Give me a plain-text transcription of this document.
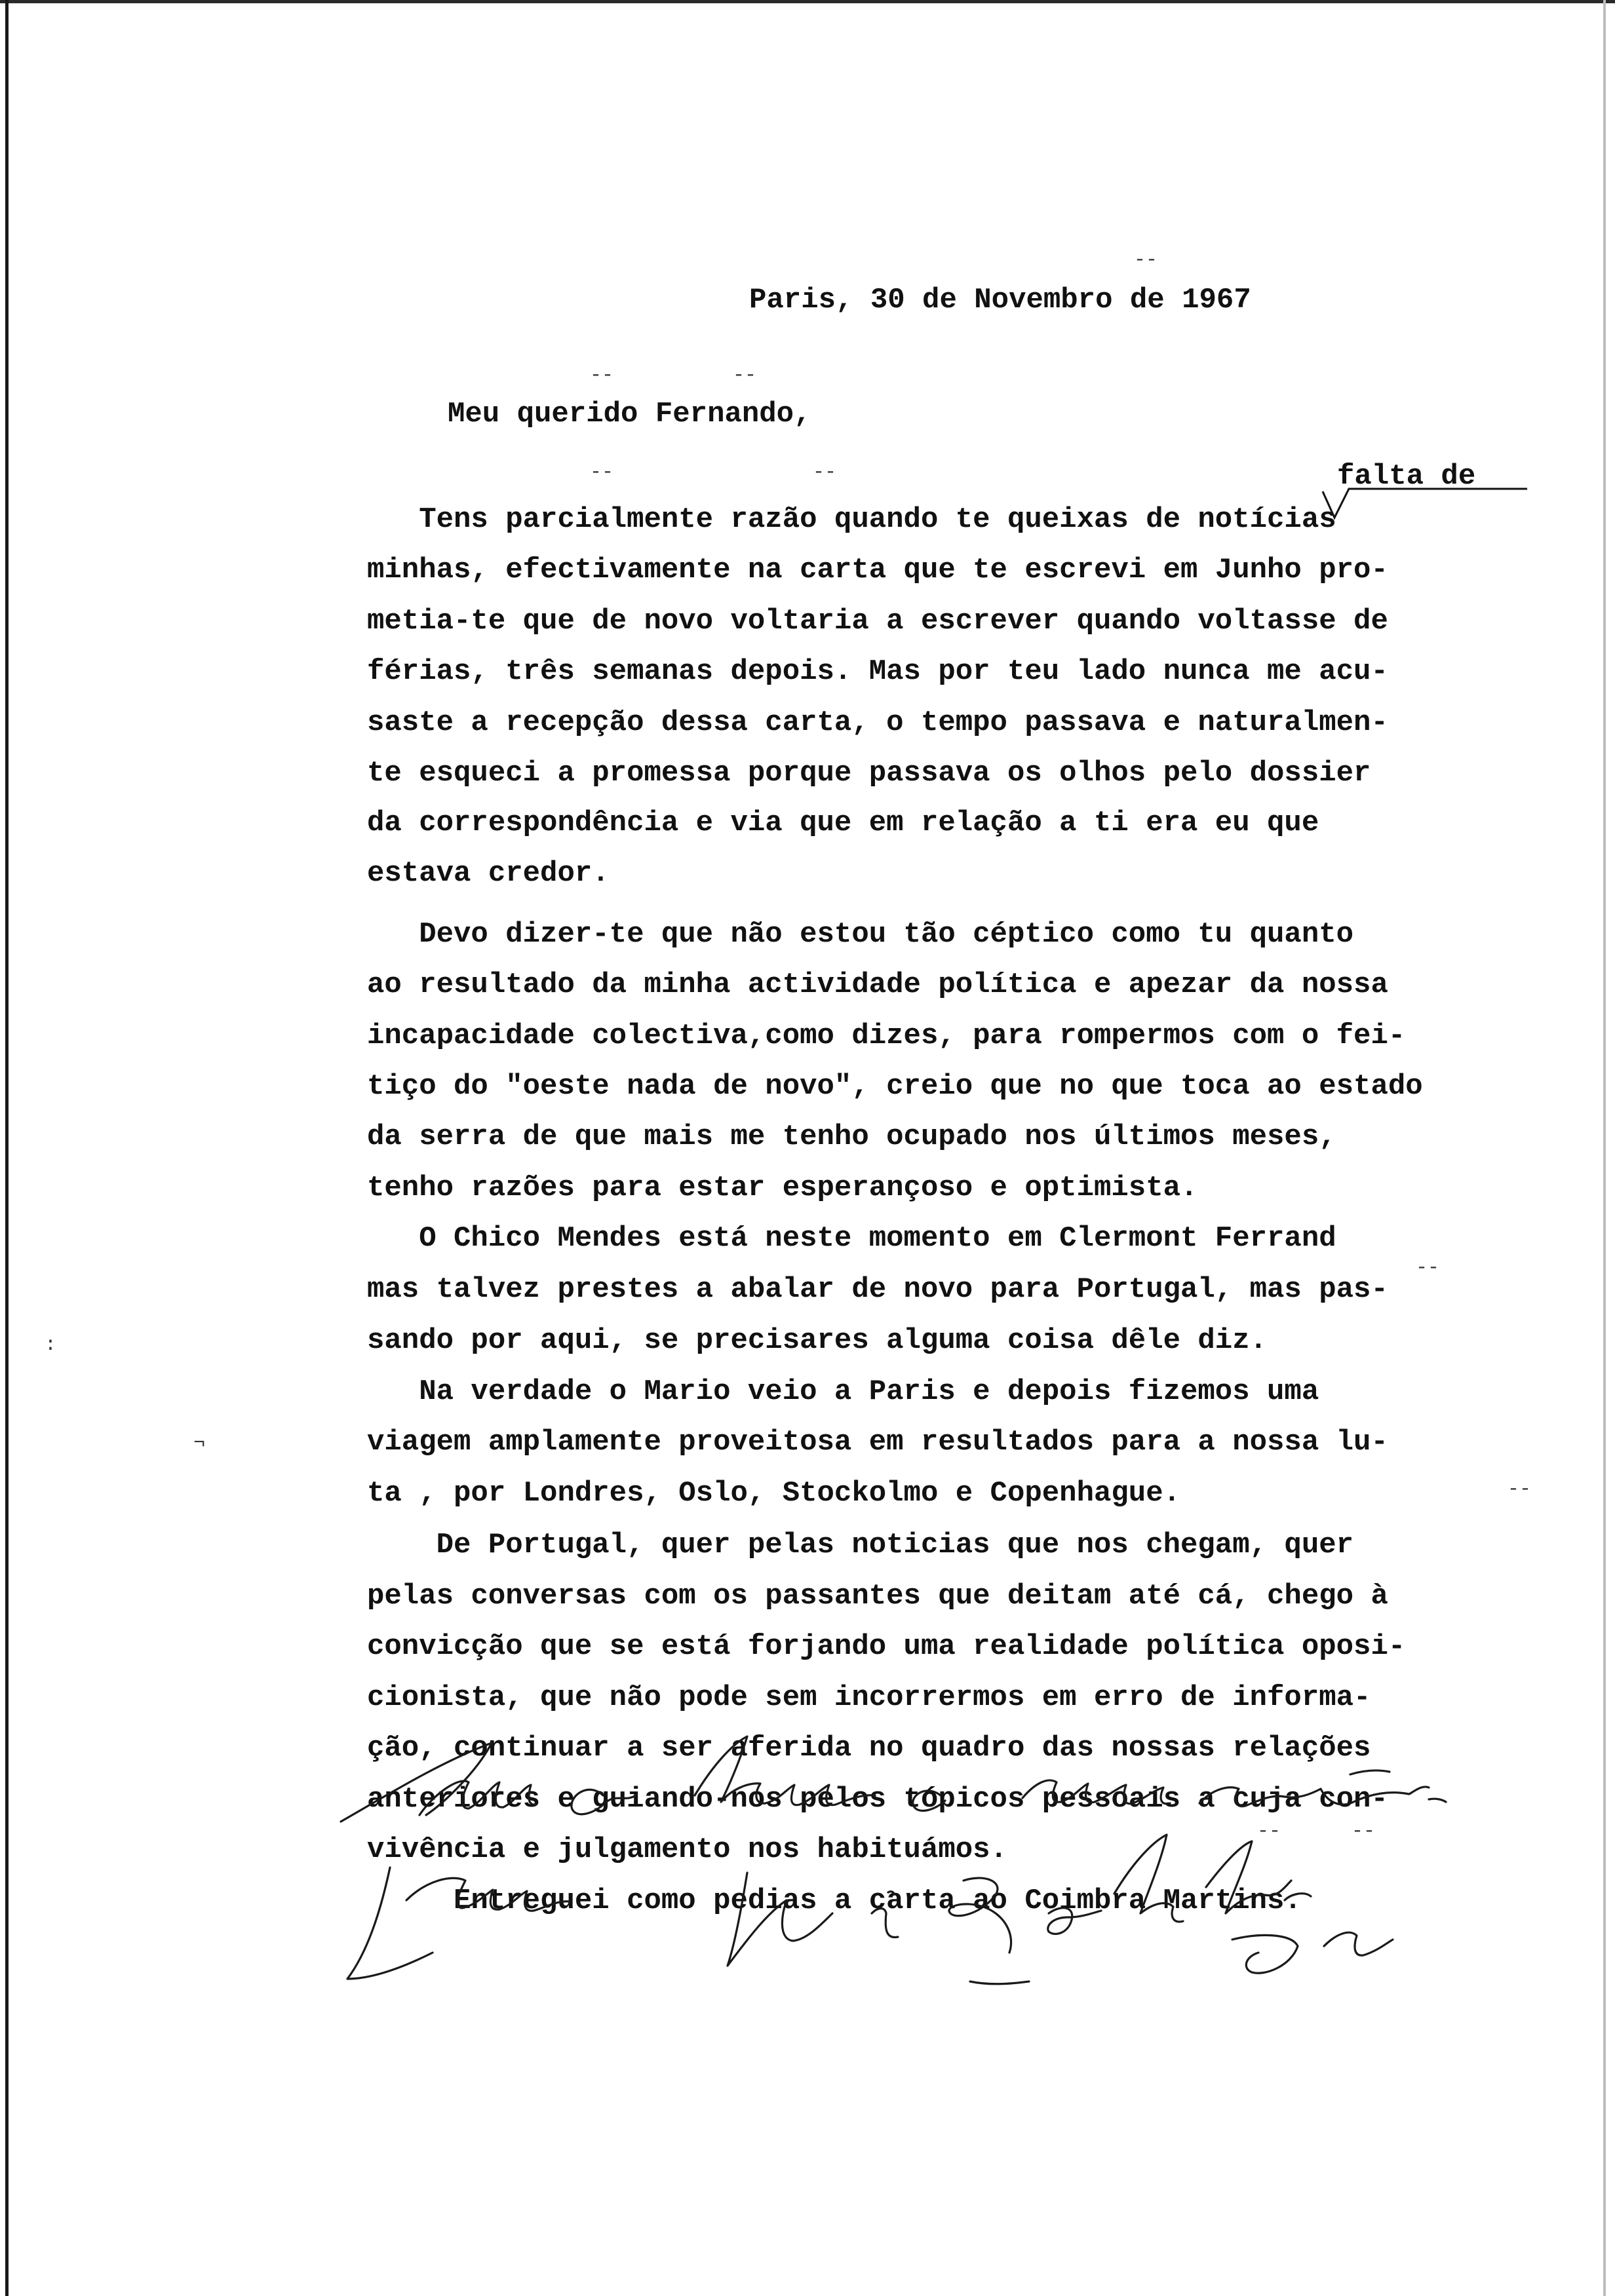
Paris, 30 de Novembro de 1967
Meu querido Fernando,
falta de
Tens parcialmente razão quando te queixas de notícias
minhas, efectivamente na carta que te escrevi em Junho pro-
metia-te que de novo voltaria a escrever quando voltasse de
férias, três semanas depois. Mas por teu lado nunca me acu-
saste a recepção dessa carta, o tempo passava e naturalmen-
te esqueci a promessa porque passava os olhos pelo dossier
da correspondência e via que em relação a ti era eu que
estava credor.
Devo dizer-te que não estou tão céptico como tu quanto
ao resultado da minha actividade política e apezar da nossa
incapacidade colectiva,como dizes, para rompermos com o fei-
tiço do "oeste nada de novo", creio que no que toca ao estado
da serra de que mais me tenho ocupado nos últimos meses,
tenho razões para estar esperançoso e optimista.
O Chico Mendes está neste momento em Clermont Ferrand
mas talvez prestes a abalar de novo para Portugal, mas pas-
sando por aqui, se precisares alguma coisa dêle diz.
Na verdade o Mario veio a Paris e depois fizemos uma
viagem amplamente proveitosa em resultados para a nossa lu-
ta , por Londres, Oslo, Stockolmo e Copenhague.
De Portugal, quer pelas noticias que nos chegam, quer
pelas conversas com os passantes que deitam até cá, chego à
convicção que se está forjando uma realidade política oposi-
cionista, que não pode sem incorrermos em erro de informa-
ção, continuar a ser aferida no quadro das nossas relações
anteriores e guiando-nos pelos tópicos pessoais a cuja con-
vivência e julgamento nos habituámos.
Entreguei como pedias a carta ao Coimbra Martins.
--
--	--
--	--
--
--
--	--
¬
:
